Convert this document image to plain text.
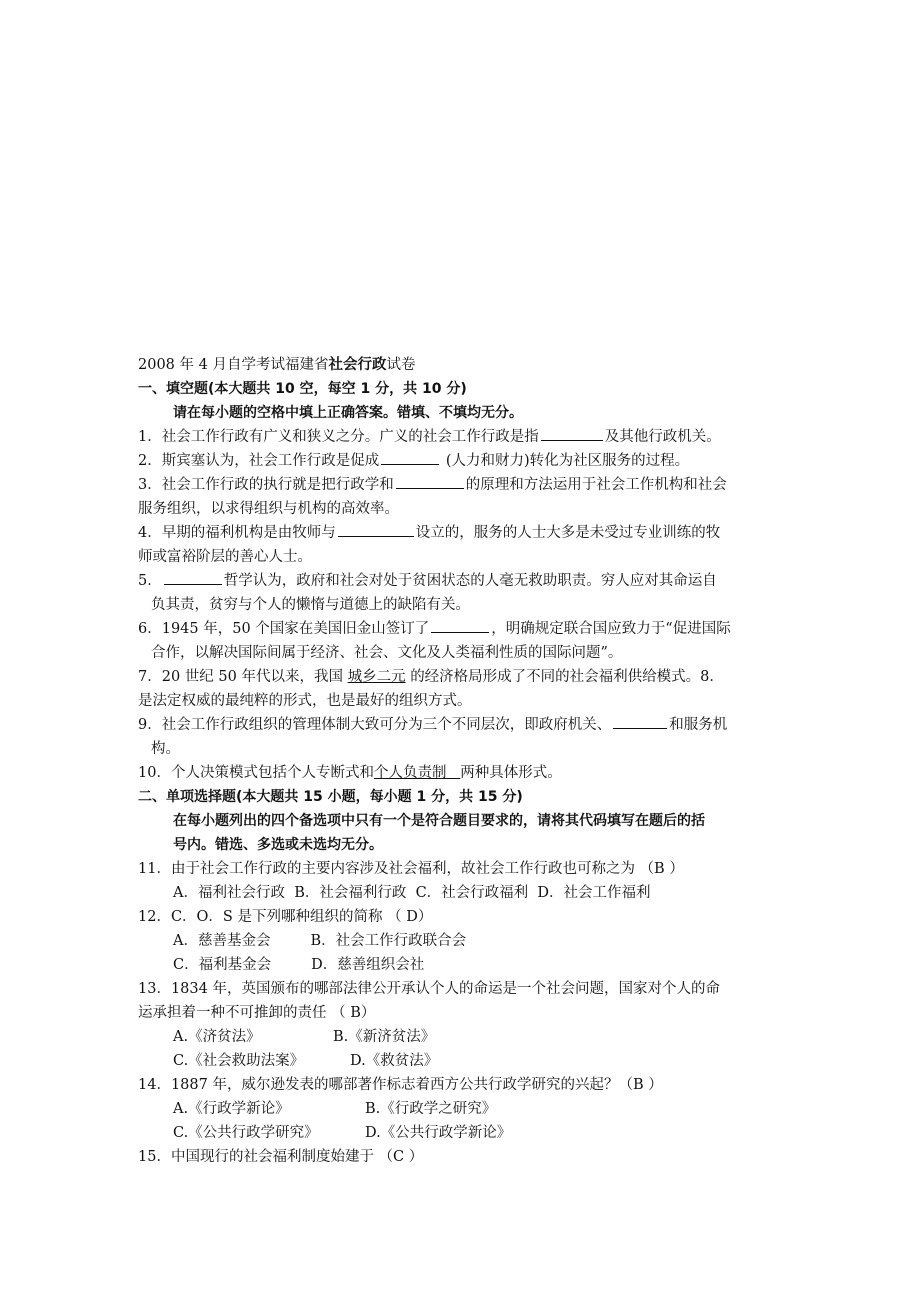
2008 年 4 月自学考试福建省社会行政试卷
一、填空题(本大题共 10 空，每空 1 分，共 10 分)
请在每小题的空格中填上正确答案。错填、不填均无分。
1．社会工作行政有广义和狭义之分。广义的社会工作行政是指	及其他行政机关。
2．斯宾塞认为，社会工作行政是促成	(人力和财力)转化为社区服务的过程。
3．社会工作行政的执行就是把行政学和	的原理和方法运用于社会工作机构和社会
服务组织，以求得组织与机构的高效率。
4．早期的福利机构是由牧师与	设立的，服务的人士大多是未受过专业训练的牧
师或富裕阶层的善心人士。
5．	哲学认为，政府和社会对处于贫困状态的人毫无救助职责。穷人应对其命运自
负其责，贫穷与个人的懒惰与道德上的缺陷有关。
6．1945 年，50 个国家在美国旧金山签订了	，明确规定联合国应致力于“促进国际
合作，以解决国际间属于经济、社会、文化及人类福利性质的国际问题”。
7．20 世纪 50 年代以来，我国 城乡二元 的经济格局形成了不同的社会福利供给模式。8．
是法定权威的最纯粹的形式，也是最好的组织方式。
9．社会工作行政组织的管理体制大致可分为三个不同层次，即政府机关、	和服务机
构。
10．个人决策模式包括个人专断式和个人负责制 两种具体形式。
二、单项选择题(本大题共 15 小题，每小题 1 分，共 15 分)
在每小题列出的四个备选项中只有一个是符合题目要求的，请将其代码填写在题后的括
号内。错选、多选或未选均无分。
11．由于社会工作行政的主要内容涉及社会福利，故社会工作行政也可称之为 （B ）
A．福利社会行政 B．社会福利行政 C．社会行政福利 D．社会工作福利
12．C．O．S 是下列哪种组织的简称 （ D）
A．慈善基金会	B．社会工作行政联合会
C．福利基金会	D．慈善组织会社
13．1834 年，英国颁布的哪部法律公开承认个人的命运是一个社会问题，国家对个人的命
运承担着一种不可推卸的责任 （ B）
A.《济贫法》	B.《新济贫法》
C.《社会救助法案》	D.《救贫法》
14．1887 年，威尔逊发表的哪部著作标志着西方公共行政学研究的兴起？（B ）
A.《行政学新论》	B.《行政学之研究》
C.《公共行政学研究》	D.《公共行政学新论》
15．中国现行的社会福利制度始建于 （C ）
